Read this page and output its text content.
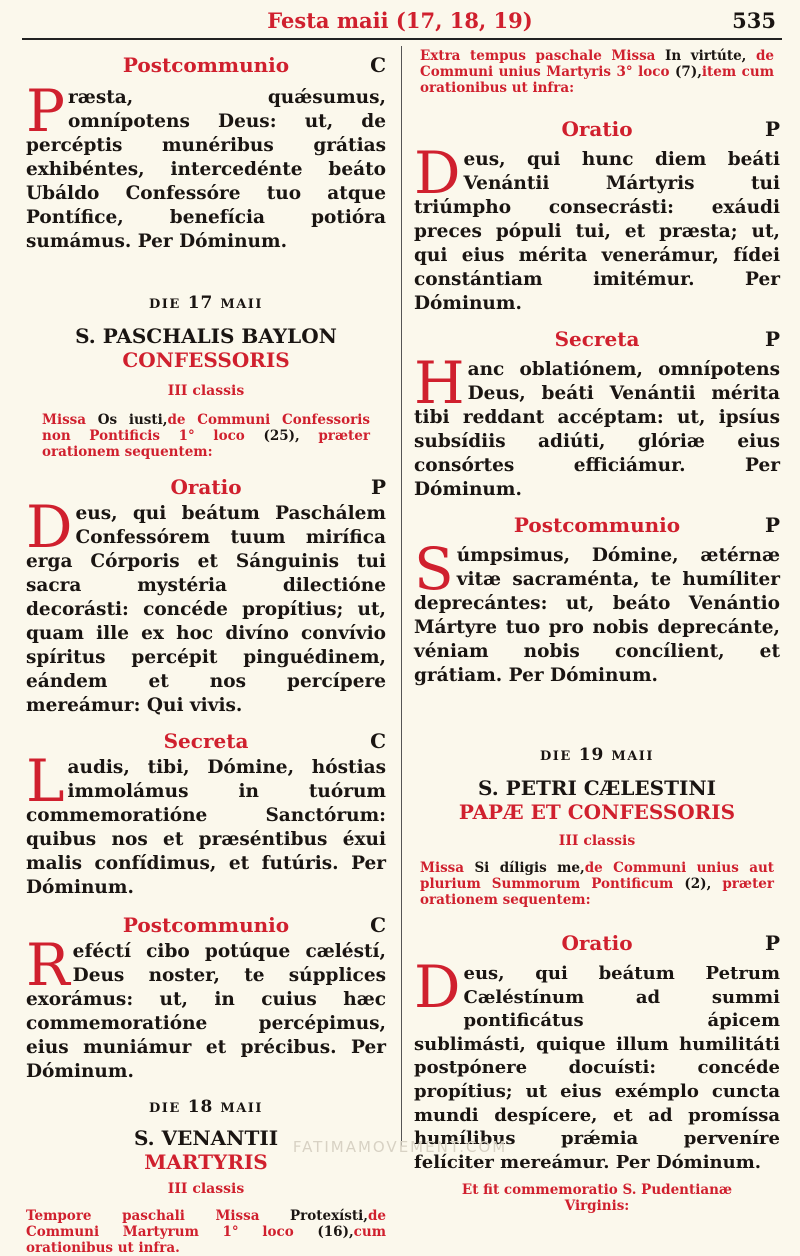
Festa maii (17, 18, 19)	535
Postcommunio	C

Præsta, quǽsumus, omnípotens Deus: ut, de percéptis munéribus grátias exhibéntes, intercedénte beáto Ubáldo Confessóre tuo atque Pontífice, benefícia potióra sumámus. Per Dóminum.

DIE 17 MAII
S. PASCHALIS BAYLON
CONFESSORIS
III classis
Missa Os iusti,de Communi Confessoris non Pontificis 1° loco (25), præter orationem sequentem:
Oratio	P

Deus, qui beátum Paschálem Confessórem tuum mirífica erga Córporis et Sánguinis tui sacra mystéria dilectióne decorásti: concéde propítius; ut, quam ille ex hoc divíno convívio spíritus percépit pinguédinem, eándem et nos percípere mereámur: Qui vivis.

Secreta	C

Laudis, tibi, Dómine, hóstias immolámus in tuórum commemoratióne Sanctórum: quibus nos et præséntibus éxui malis confídimus, et futúris. Per Dóminum.

Postcommunio	C

Reféctí cibo potúque cæléstí, Deus noster, te súpplices exorámus: ut, in cuius hæc commemoratióne percépimus, eius muniámur et précibus. Per Dóminum.

DIE 18 MAII
S. VENANTII
MARTYRIS
III classis
Tempore paschali Missa Protexísti,de Communi Martyrum 1° loco (16),cum orationibus ut infra.
Extra tempus paschale Missa In virtúte, de Communi unius Martyris 3° loco (7),item cum orationibus ut infra:
Oratio	P

Deus, qui hunc diem beáti Venántii Mártyris tui triúmpho consecrásti: exáudi preces pópuli tui, et præsta; ut, qui eius mérita venerámur, fídei constántiam imitémur. Per Dóminum.

Secreta	P

Hanc oblatiónem, omnípotens Deus, beáti Venántii mérita tibi reddant accéptam: ut, ipsíus subsídiis adiúti, glóriæ eius consórtes efficiámur. Per Dóminum.

Postcommunio	P

Súmpsimus, Dómine, ætérnæ vitæ sacraménta, te humíliter deprecántes: ut, beáto Venántio Mártyre tuo pro nobis deprecánte, véniam nobis concílient, et grátiam. Per Dóminum.

DIE 19 MAII
S. PETRI CÆLESTINI
PAPÆ ET CONFESSORIS
III classis
Missa Si díligis me,de Communi unius aut plurium Summorum Pontificum (2), præter orationem sequentem:
Oratio	P

Deus, qui beátum Petrum Cæléstínum ad summi pontificátus ápicem sublimásti, quique illum humilitáti postpónere docuísti: concéde propítius; ut eius exémplo cuncta mundi despícere, et ad promíssa humílibus prǽmia perveníre felíciter mereámur. Per Dóminum.

Et fit commemoratio S. Pudentianæ Virginis:
FATIMAMOVEMENT.COM
